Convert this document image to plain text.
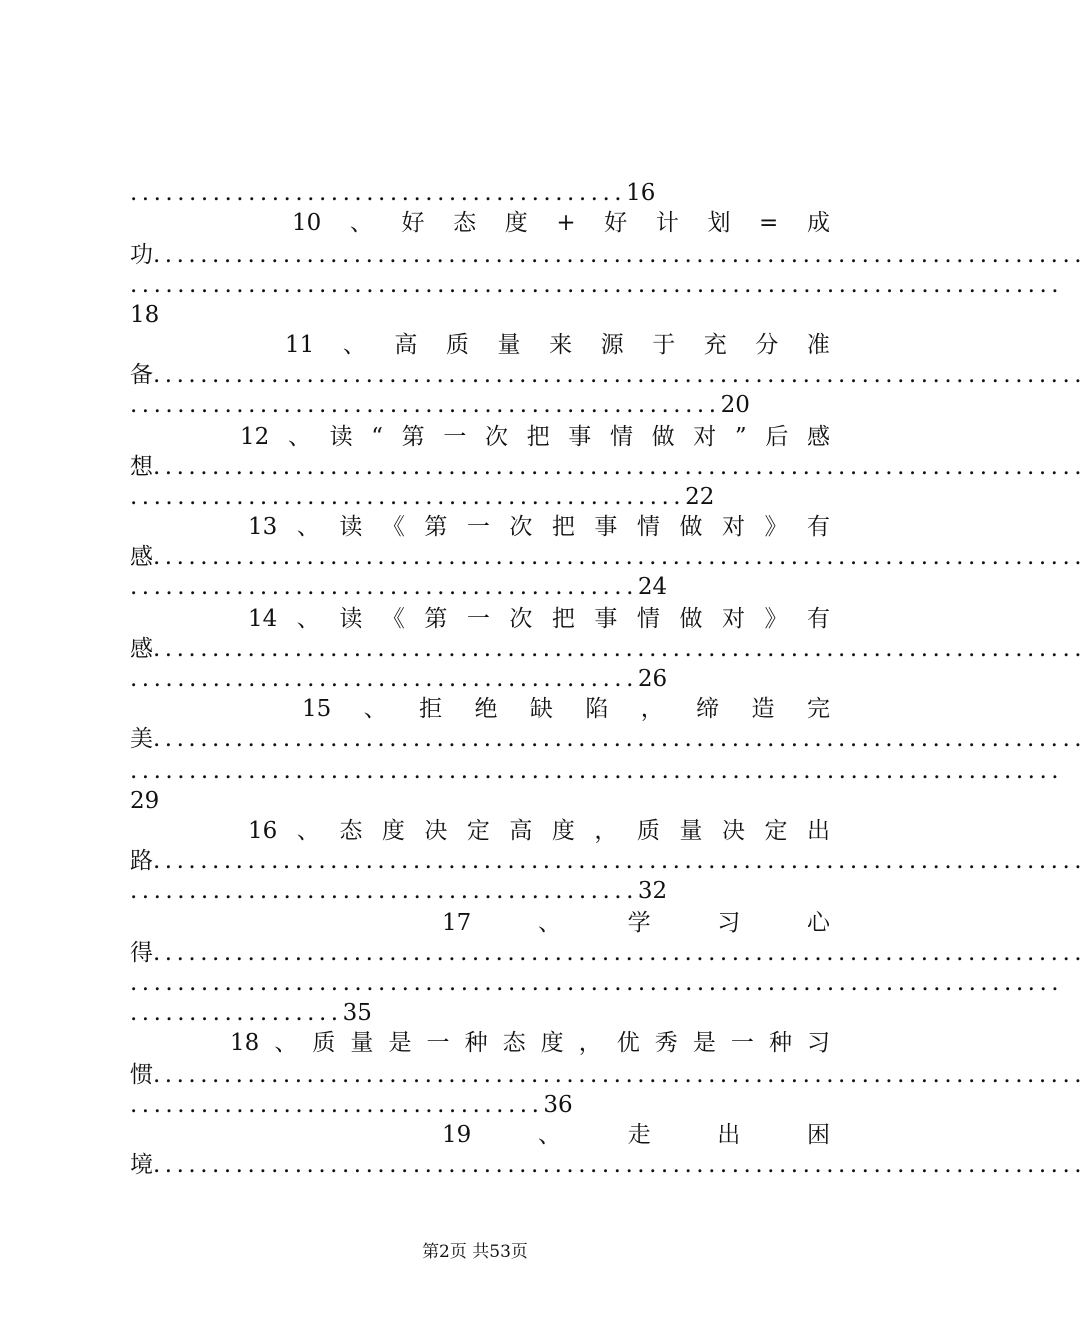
..........................................16
10 、 好 态 度 + 好 计 划 = 成
功...............................................................................
...............................................................................
18
11 、 高 质 量 来 源 于 充 分 准
备...............................................................................
..................................................20
12 、 读 “ 第 一 次 把 事 情 做 对 ” 后 感
想...............................................................................
...............................................22
13 、 读 《 第 一 次 把 事 情 做 对 》 有
感...............................................................................
...........................................24
14 、 读 《 第 一 次 把 事 情 做 对 》 有
感...............................................................................
...........................................26
15 、 拒 绝 缺 陷 ， 缔 造 完
美...............................................................................
...............................................................................
29
16 、 态 度 决 定 高 度 ， 质 量 决 定 出
路...............................................................................
...........................................32
17	、	学	习	心
得...............................................................................
...............................................................................
..................35
18 、 质 量 是 一 种 态 度 ， 优 秀 是 一 种 习
惯...............................................................................
...................................36
19	、	走	出	困
境...............................................................................
第2页 共53页
